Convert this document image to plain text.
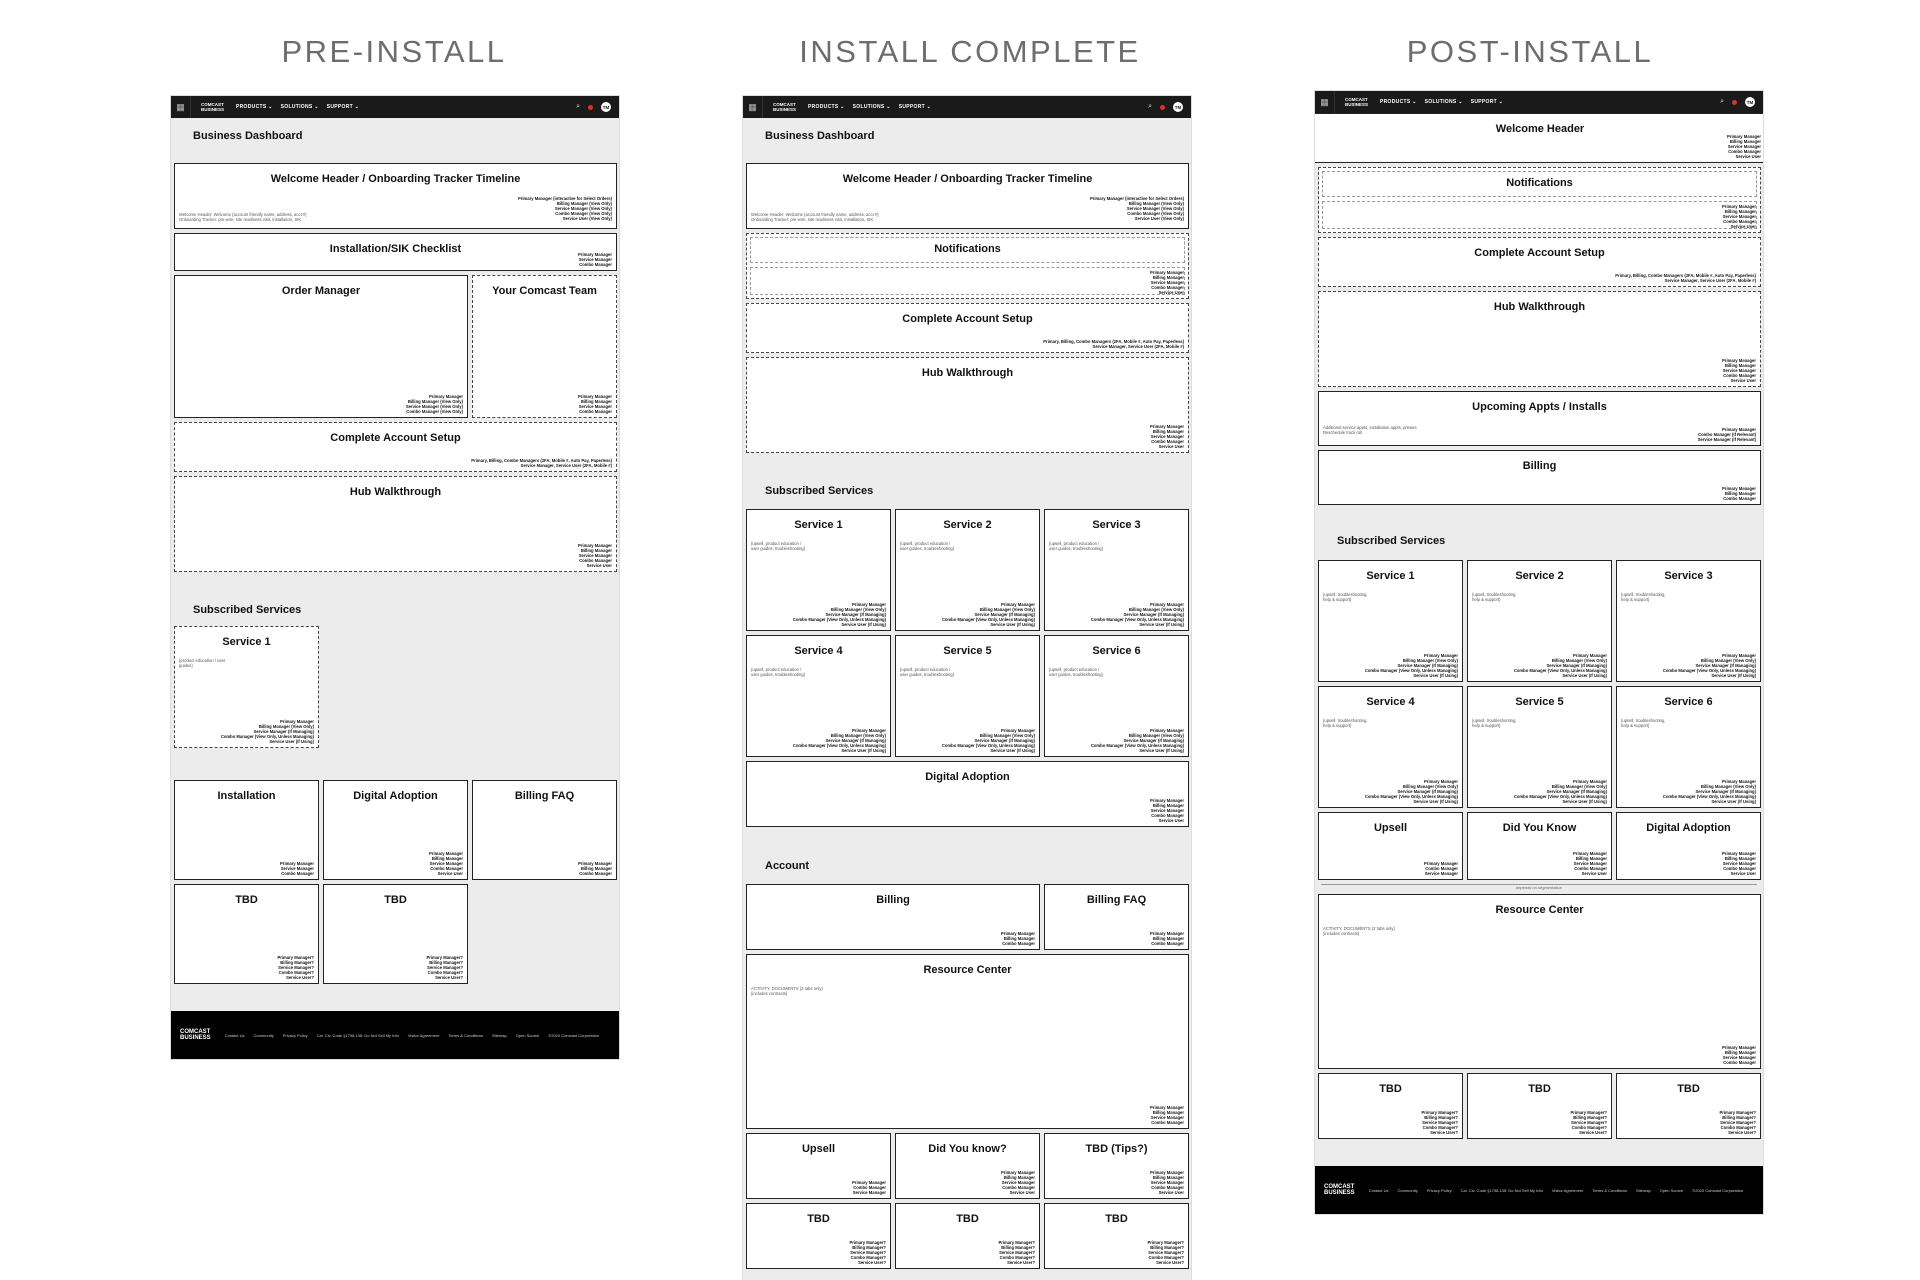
PRE-INSTALL	INSTALL COMPLETE	POST-INSTALL
▦	COMCAST
BUSINESS PRODUCTS ⌄ SOLUTIONS ⌄ SUPPORT ⌄	⌕	TM
Business Dashboard
Welcome Header / Onboarding Tracker Timeline
Primary Manager (interactive for Select Orders)
Billing Manager (View Only)
Service Manager (View Only)
Combo Manager (View Only)
Service User (View Only)
Welcome Header: Welcome {account friendly name, address, acct #}
Onboarding Tracker: pre-wire, site readiness visit, installation, SIK
Installation/SIK Checklist	Primary Manager
Service Manager
Combo Manager
Order Manager
Primary Manager
Billing Manager (View Only)
Service Manager (View Only)
Combo Manager (View Only)
Your Comcast Team
Primary Manager
Billing Manager
Service Manager
Combo Manager
Complete Account Setup
Primary, Billing, Combo Managers (2FA, Mobile #, Auto Pay, Paperless)
Service Manager, Service User (2FA, Mobile #)
Hub Walkthrough
Primary Manager
Billing Manager
Service Manager
Combo Manager
Service User
Subscribed Services
Service 1
{product education / user
guides}
Primary Manager
Billing Manager (View Only)
Service Manager (If Managing)
Combo Manager (View Only, Unless Managing)
Service User (If Using)
Installation
Primary Manager
Service Manager
Combo Manager
Digital Adoption
Primary Manager
Billing Manager
Service Manager
Combo Manager
Service User
Billing FAQ
Primary Manager
Billing Manager
Combo Manager
TBD
Primary Manager?
Billing Manager?
Service Manager?
Combo Manager?
Service User?
TBD
Primary Manager?
Billing Manager?
Service Manager?
Combo Manager?
Service User?
COMCAST
BUSINESS	Contact Us Community Privacy Policy Cal. Civ. Code §1798.135: Do Not Sell My Info Visitor Agreement Terms & Conditions Sitemap Open Source ©2020 Comcast Corporation
▦	COMCAST
BUSINESS PRODUCTS ⌄ SOLUTIONS ⌄ SUPPORT ⌄	⌕	TM
Business Dashboard
Welcome Header / Onboarding Tracker Timeline
Primary Manager (interactive for Select Orders)
Billing Manager (View Only)
Service Manager (View Only)
Combo Manager (View Only)
Service User (View Only)
Welcome Header: Welcome {account friendly name, address, acct #}
Onboarding Tracker: pre-wire, site readiness visit, installation, SIK
Notifications
Primary Manager
Billing Manager
Service Manager
Combo Manager
Service User
Complete Account Setup
Primary, Billing, Combo Managers (2FA, Mobile #, Auto Pay, Paperless)
Service Manager, Service User (2FA, Mobile #)
Hub Walkthrough
Primary Manager
Billing Manager
Service Manager
Combo Manager
Service User
Subscribed Services
Service 1
{upsell, product education /
user guides, troubleshooting}
Primary Manager
Billing Manager (View Only)
Service Manager (If Managing)
Combo Manager (View Only, Unless Managing)
Service User (If Using)
Service 2
{upsell, product education /
user guides, troubleshooting}
Primary Manager
Billing Manager (View Only)
Service Manager (If Managing)
Combo Manager (View Only, Unless Managing)
Service User (If Using)
Service 3
{upsell, product education /
user guides, troubleshooting}
Primary Manager
Billing Manager (View Only)
Service Manager (If Managing)
Combo Manager (View Only, Unless Managing)
Service User (If Using)
Service 4
{upsell, product education /
user guides, troubleshooting}
Primary Manager
Billing Manager (View Only)
Service Manager (If Managing)
Combo Manager (View Only, Unless Managing)
Service User (If Using)
Service 5
{upsell, product education /
user guides, troubleshooting}
Primary Manager
Billing Manager (View Only)
Service Manager (If Managing)
Combo Manager (View Only, Unless Managing)
Service User (If Using)
Service 6
{upsell, product education /
user guides, troubleshooting}
Primary Manager
Billing Manager (View Only)
Service Manager (If Managing)
Combo Manager (View Only, Unless Managing)
Service User (If Using)
Digital Adoption
Primary Manager
Billing Manager
Service Manager
Combo Manager
Service User
Account
Billing
Primary Manager
Billing Manager
Combo Manager
Billing FAQ
Primary Manager
Billing Manager
Combo Manager
Resource Center
ACTIVITY, DOCUMENTS (2 tabs only)
{includes contracts}
Primary Manager
Billing Manager
Service Manager
Combo Manager
Upsell
Primary Manager
Combo Manager
Service Manager
Did You know?
Primary Manager
Billing Manager
Service Manager
Combo Manager
Service User
TBD (Tips?)
Primary Manager
Billing Manager
Service Manager
Combo Manager
Service User
TBD
Primary Manager?
Billing Manager?
Service Manager?
Combo Manager?
Service User?
TBD
Primary Manager?
Billing Manager?
Service Manager?
Combo Manager?
Service User?
TBD
Primary Manager?
Billing Manager?
Service Manager?
Combo Manager?
Service User?
▦	COMCAST
BUSINESS PRODUCTS ⌄ SOLUTIONS ⌄ SUPPORT ⌄	⌕	TM
Welcome Header
Primary Manager
Billing Manager
Service Manager
Combo Manager
Service User
Notifications
Primary Manager
Billing Manager
Service Manager
Combo Manager
Service User
Complete Account Setup
Primary, Billing, Combo Managers (2FA, Mobile #, Auto Pay, Paperless)
Service Manager, Service User (2FA, Mobile #)
Hub Walkthrough
Primary Manager
Billing Manager
Service Manager
Combo Manager
Service User
Upcoming Appts / Installs
Additional service appts, installation appts, prewire
Reschedule truck roll
Primary Manager
Combo Manager (If Relevant)
Service Manager (If Relevant)
Billing
Primary Manager
Billing Manager
Combo Manager
Subscribed Services
Service 1
{upsell, troubleshooting,
help & support}
Primary Manager
Billing Manager (View Only)
Service Manager (If Managing)
Combo Manager (View Only, Unless Managing)
Service User (If Using)
Service 2
{upsell, troubleshooting,
help & support}
Primary Manager
Billing Manager (View Only)
Service Manager (If Managing)
Combo Manager (View Only, Unless Managing)
Service User (If Using)
Service 3
{upsell, troubleshooting,
help & support}
Primary Manager
Billing Manager (View Only)
Service Manager (If Managing)
Combo Manager (View Only, Unless Managing)
Service User (If Using)
Service 4
{upsell, troubleshooting,
help & support}
Primary Manager
Billing Manager (View Only)
Service Manager (If Managing)
Combo Manager (View Only, Unless Managing)
Service User (If Using)
Service 5
{upsell, troubleshooting,
help & support}
Primary Manager
Billing Manager (View Only)
Service Manager (If Managing)
Combo Manager (View Only, Unless Managing)
Service User (If Using)
Service 6
{upsell, troubleshooting,
help & support}
Primary Manager
Billing Manager (View Only)
Service Manager (If Managing)
Combo Manager (View Only, Unless Managing)
Service User (If Using)
Upsell
Primary Manager
Combo Manager
Service Manager
Did You Know
Primary Manager
Billing Manager
Service Manager
Combo Manager
Service User
Digital Adoption
Primary Manager
Billing Manager
Service Manager
Combo Manager
Service User
depends on segmentation
Resource Center
ACTIVITY, DOCUMENTS (2 tabs only)
{includes contracts}
Primary Manager
Billing Manager
Service Manager
Combo Manager
TBD
Primary Manager?
Billing Manager?
Service Manager?
Combo Manager?
Service User?
TBD
Primary Manager?
Billing Manager?
Service Manager?
Combo Manager?
Service User?
TBD
Primary Manager?
Billing Manager?
Service Manager?
Combo Manager?
Service User?
COMCAST
BUSINESS	Contact Us Community Privacy Policy Cal. Civ. Code §1798.135: Do Not Sell My Info Visitor Agreement Terms & Conditions Sitemap Open Source ©2020 Comcast Corporation
